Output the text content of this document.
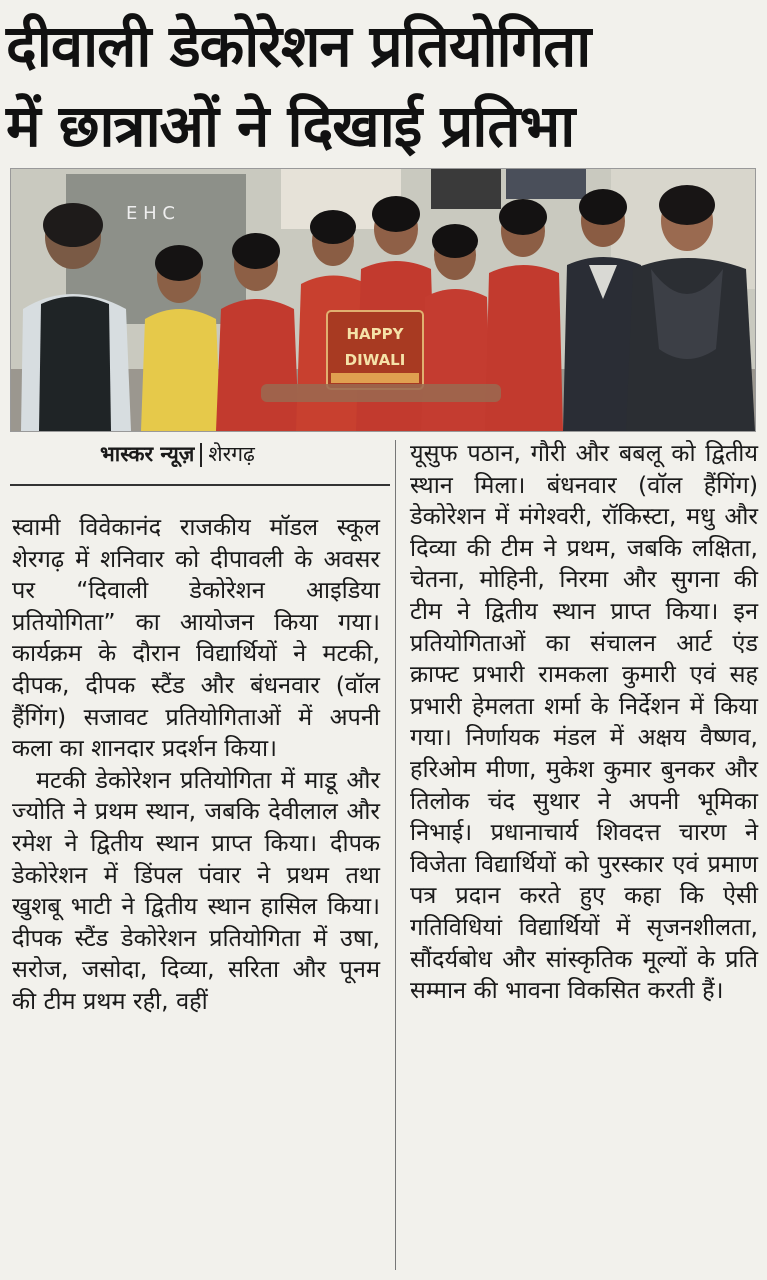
दीवाली डेकोरेशन प्रतियोगिता
में छात्राओं ने दिखाई प्रतिभा
E H C
HAPPY
DIWALI
भास्कर न्यूज़ शेरगढ़

स्वामी विवेकानंद राजकीय मॉडल स्कूल शेरगढ़ में शनिवार को दीपावली के अवसर पर “दिवाली डेकोरेशन आइडिया प्रतियोगिता” का आयोजन किया गया। कार्यक्रम के दौरान विद्यार्थियों ने मटकी, दीपक, दीपक स्टैंड और बंधनवार (वॉल हैंगिंग) सजावट प्रतियोगिताओं में अपनी कला का शानदार प्रदर्शन किया।

मटकी डेकोरेशन प्रतियोगिता में माडू और ज्योति ने प्रथम स्थान, जबकि देवीलाल और रमेश ने द्वितीय स्थान प्राप्त किया। दीपक डेकोरेशन में डिंपल पंवार ने प्रथम तथा खुशबू भाटी ने द्वितीय स्थान हासिल किया। दीपक स्टैंड डेकोरेशन प्रतियोगिता में उषा, सरोज, जसोदा, दिव्या, सरिता और पूनम की टीम प्रथम रही, वहीं

यूसुफ पठान, गौरी और बबलू को द्वितीय स्थान मिला। बंधनवार (वॉल हैंगिंग) डेकोरेशन में मंगेश्वरी, रॉकिस्टा, मधु और दिव्या की टीम ने प्रथम, जबकि लक्षिता, चेतना, मोहिनी, निरमा और सुगना की टीम ने द्वितीय स्थान प्राप्त किया। इन प्रतियोगिताओं का संचालन आर्ट एंड क्राफ्ट प्रभारी रामकला कुमारी एवं सह प्रभारी हेमलता शर्मा के निर्देशन में किया गया। निर्णायक मंडल में अक्षय वैष्णव, हरिओम मीणा, मुकेश कुमार बुनकर और तिलोक चंद सुथार ने अपनी भूमिका निभाई। प्रधानाचार्य शिवदत्त चारण ने विजेता विद्यार्थियों को पुरस्कार एवं प्रमाण पत्र प्रदान करते हुए कहा कि ऐसी गतिविधियां विद्यार्थियों में सृजनशीलता, सौंदर्यबोध और सांस्कृतिक मूल्यों के प्रति सम्मान की भावना विकसित करती हैं।
